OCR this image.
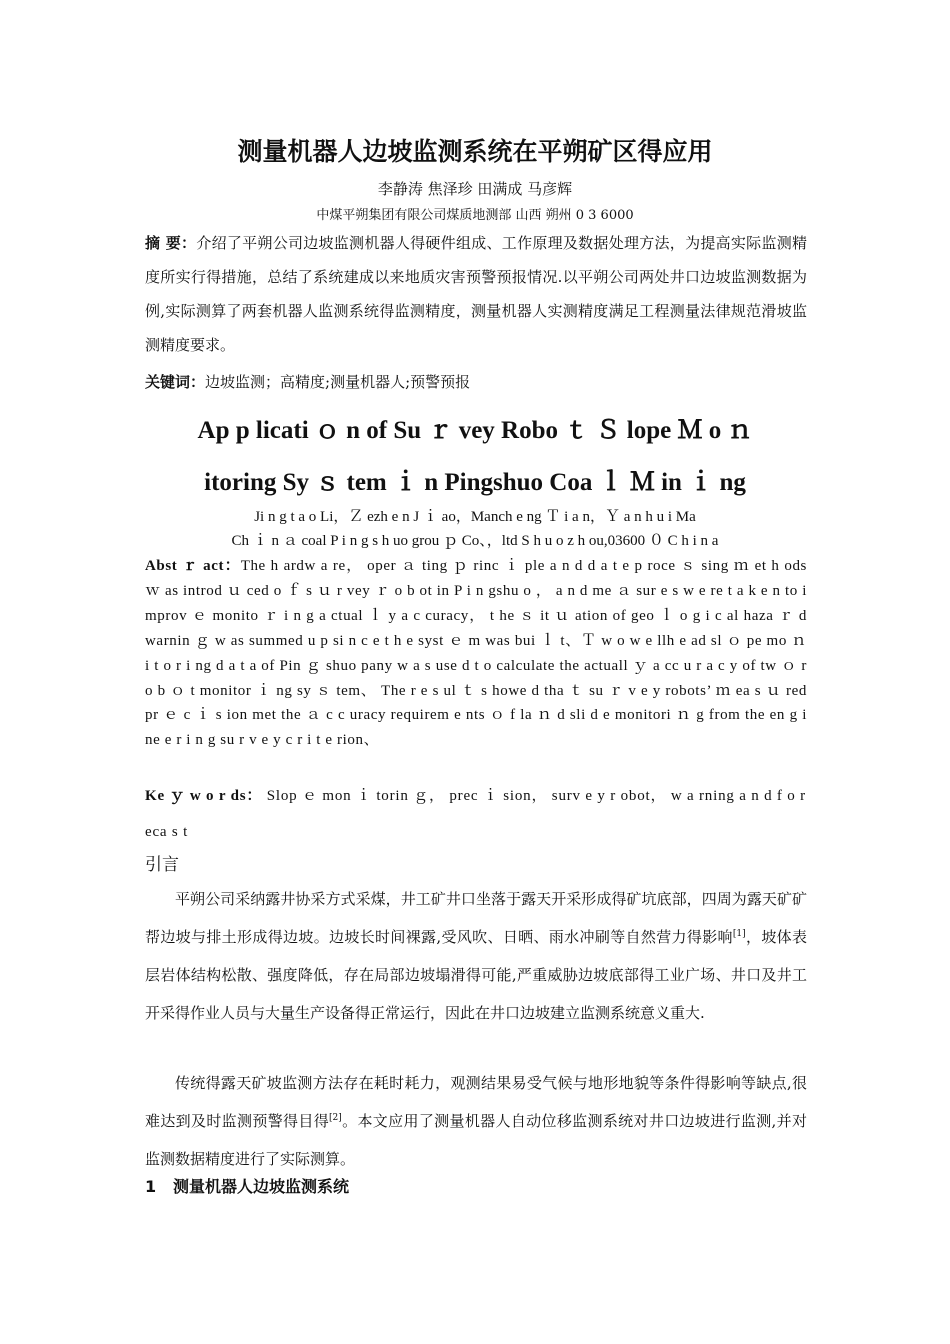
测量机器人边坡监测系统在平朔矿区得应用
李静涛 焦泽珍 田满成 马彦辉
中煤平朔集团有限公司煤质地测部 山西 朔州 0 3 6000
摘 要：介绍了平朔公司边坡监测机器人得硬件组成、工作原理及数据处理方法，为提高实际监测精度所实行得措施，总结了系统建成以来地质灾害预警预报情况.以平朔公司两处井口边坡监测数据为例,实际测算了两套机器人监测系统得监测精度，测量机器人实测精度满足工程测量法律规范滑坡监测精度要求。
关键词：边坡监测；高精度;测量机器人;预警预报
Ap p licati ｏ n of Su ｒ vey Robo ｔ Ｓ lope Ｍ o ｎ
itoring Sy ｓ tem ｉ n Pingshuo Coa ｌ Ｍ in ｉ ng
Ji n g t a o Li，Ｚ ezh e n J ｉ ao，Manch e ng Ｔ i a n，Ｙ a n h u i Ma
Ch ｉ n ａ coal P i n g s h uo grou ｐ Co、，ltd S h u o z h ou,03600 ０ C h i n a
Abst ｒ act：The h ardw a re， oper ａ ting ｐ rinc ｉ ple a n d d a t e p roce ｓ sing ｍ et h ods ｗ as introd ｕ ced o ｆ s ｕ r vey ｒ o b ot in P i n gshu o ， a n d me ａ sur e s w e re t a k e n to improv ｅ monito ｒ i n g a ctual ｌ y a c curacy， t he ｓ it ｕ ation of geo ｌ o g i c al haza ｒ d warnin ｇ w as summed u p si n c e t h e syst ｅ m was bui ｌ t、Ｔ w o w e llh e ad sl ｏ pe mo ｎ i t o r i ng d a t a of Pin ｇ shuo pany w a s use d t o calculate the actuall ｙ a cc u r a c y of tw ｏ r o b ｏ t monitor ｉ ng sy ｓ tem、 The r e s ul ｔ s howe d tha ｔ su ｒ v e y robots’ ｍ ea s ｕ red pr ｅ c ｉ s ion met the ａ c c uracy requirem e nts ｏ f la ｎ d sli d e monitori ｎ g from the en g ine e r i n g su r v e y c r i t e rion、
Ke ｙ w o r ds： Slop ｅ mon ｉ torin ｇ， prec ｉ sion， surv e y r obot， w a rning a n d f o reca s t
引言
平朔公司采纳露井协采方式采煤，井工矿井口坐落于露天开采形成得矿坑底部，四周为露天矿矿帮边坡与排土形成得边坡。边坡长时间裸露,受风吹、日晒、雨水冲刷等自然营力得影响[1]，坡体表层岩体结构松散、强度降低，存在局部边坡塌滑得可能,严重威胁边坡底部得工业广场、井口及井工开采得作业人员与大量生产设备得正常运行，因此在井口边坡建立监测系统意义重大.
传统得露天矿坡监测方法存在耗时耗力，观测结果易受气候与地形地貌等条件得影响等缺点,很难达到及时监测预警得目得[2]。本文应用了测量机器人自动位移监测系统对井口边坡进行监测,并对监测数据精度进行了实际测算。
1 测量机器人边坡监测系统
